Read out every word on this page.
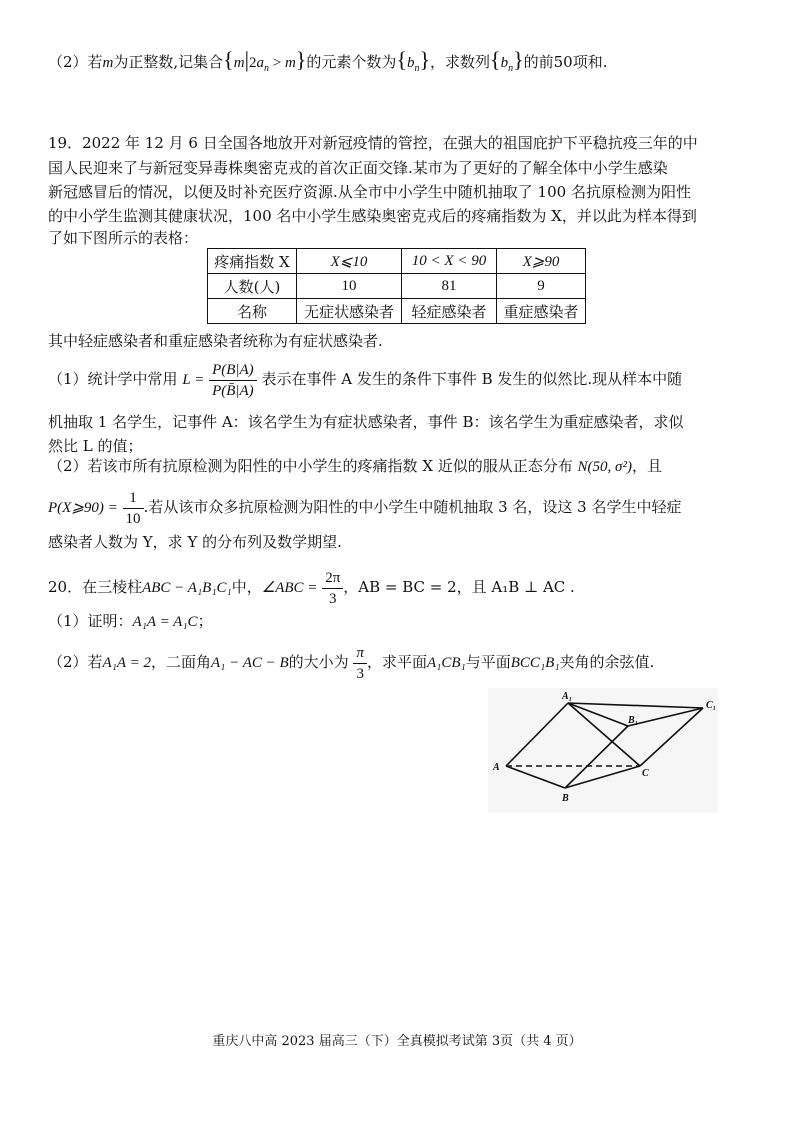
（2）若m为正整数,记集合$\{m|2a_n > m\}$的元素个数为$\{b_n\}$，求数列$\{b_n\}$的前50项和.
19．2022 年 12 月 6 日全国各地放开对新冠疫情的管控，在强大的祖国庇护下平稳抗疫三年的中
国人民迎来了与新冠变异毒株奥密克戎的首次正面交锋.某市为了更好的了解全体中小学生感染
新冠感冒后的情况，以便及时补充医疗资源.从全市中小学生中随机抽取了 100 名抗原检测为阳性
的中小学生监测其健康状况，100 名中小学生感染奥密克戎后的疼痛指数为 X，并以此为样本得到
了如下图所示的表格：
疼痛指数 X	X⩽10	10 < X < 90	X⩾90
人数(人)	10	81	9
名称	无症状感染者	轻症感染者	重症感染者
其中轻症感染者和重症感染者统称为有症状感染者.
（1）统计学中常用 $L = \frac{P(B|A)}{P(B̄|A)}$ 表示在事件 A 发生的条件下事件 B 发生的似然比.现从样本中随
机抽取 1 名学生，记事件 A：该名学生为有症状感染者，事件 B：该名学生为重症感染者，求似
然比 L 的值；
（2）若该市所有抗原检测为阳性的中小学生的疼痛指数 X 近似的服从正态分布 N(50, σ²)，且
P(X⩾90) = $\frac{1}{10}$ .若从该市众多抗原检测为阳性的中小学生中随机抽取 3 名，设这 3 名学生中轻症
感染者人数为 Y，求 Y 的分布列及数学期望.
20．在三棱柱ABC − A₁B₁C₁中，∠ABC = $\frac{2\pi}{3}$ ，AB = BC = 2，且 A₁B ⊥ AC .
（1）证明：A₁A = A₁C；
（2）若A₁A = 2，二面角A₁ − AC − B的大小为 $\frac{\pi}{3}$ ，求平面A₁CB₁与平面BCC₁B₁夹角的余弦值.
A₁
C₁
B₁
A
C
B
重庆八中高 2023 届高三（下）全真模拟考试第 3页（共 4 页）
